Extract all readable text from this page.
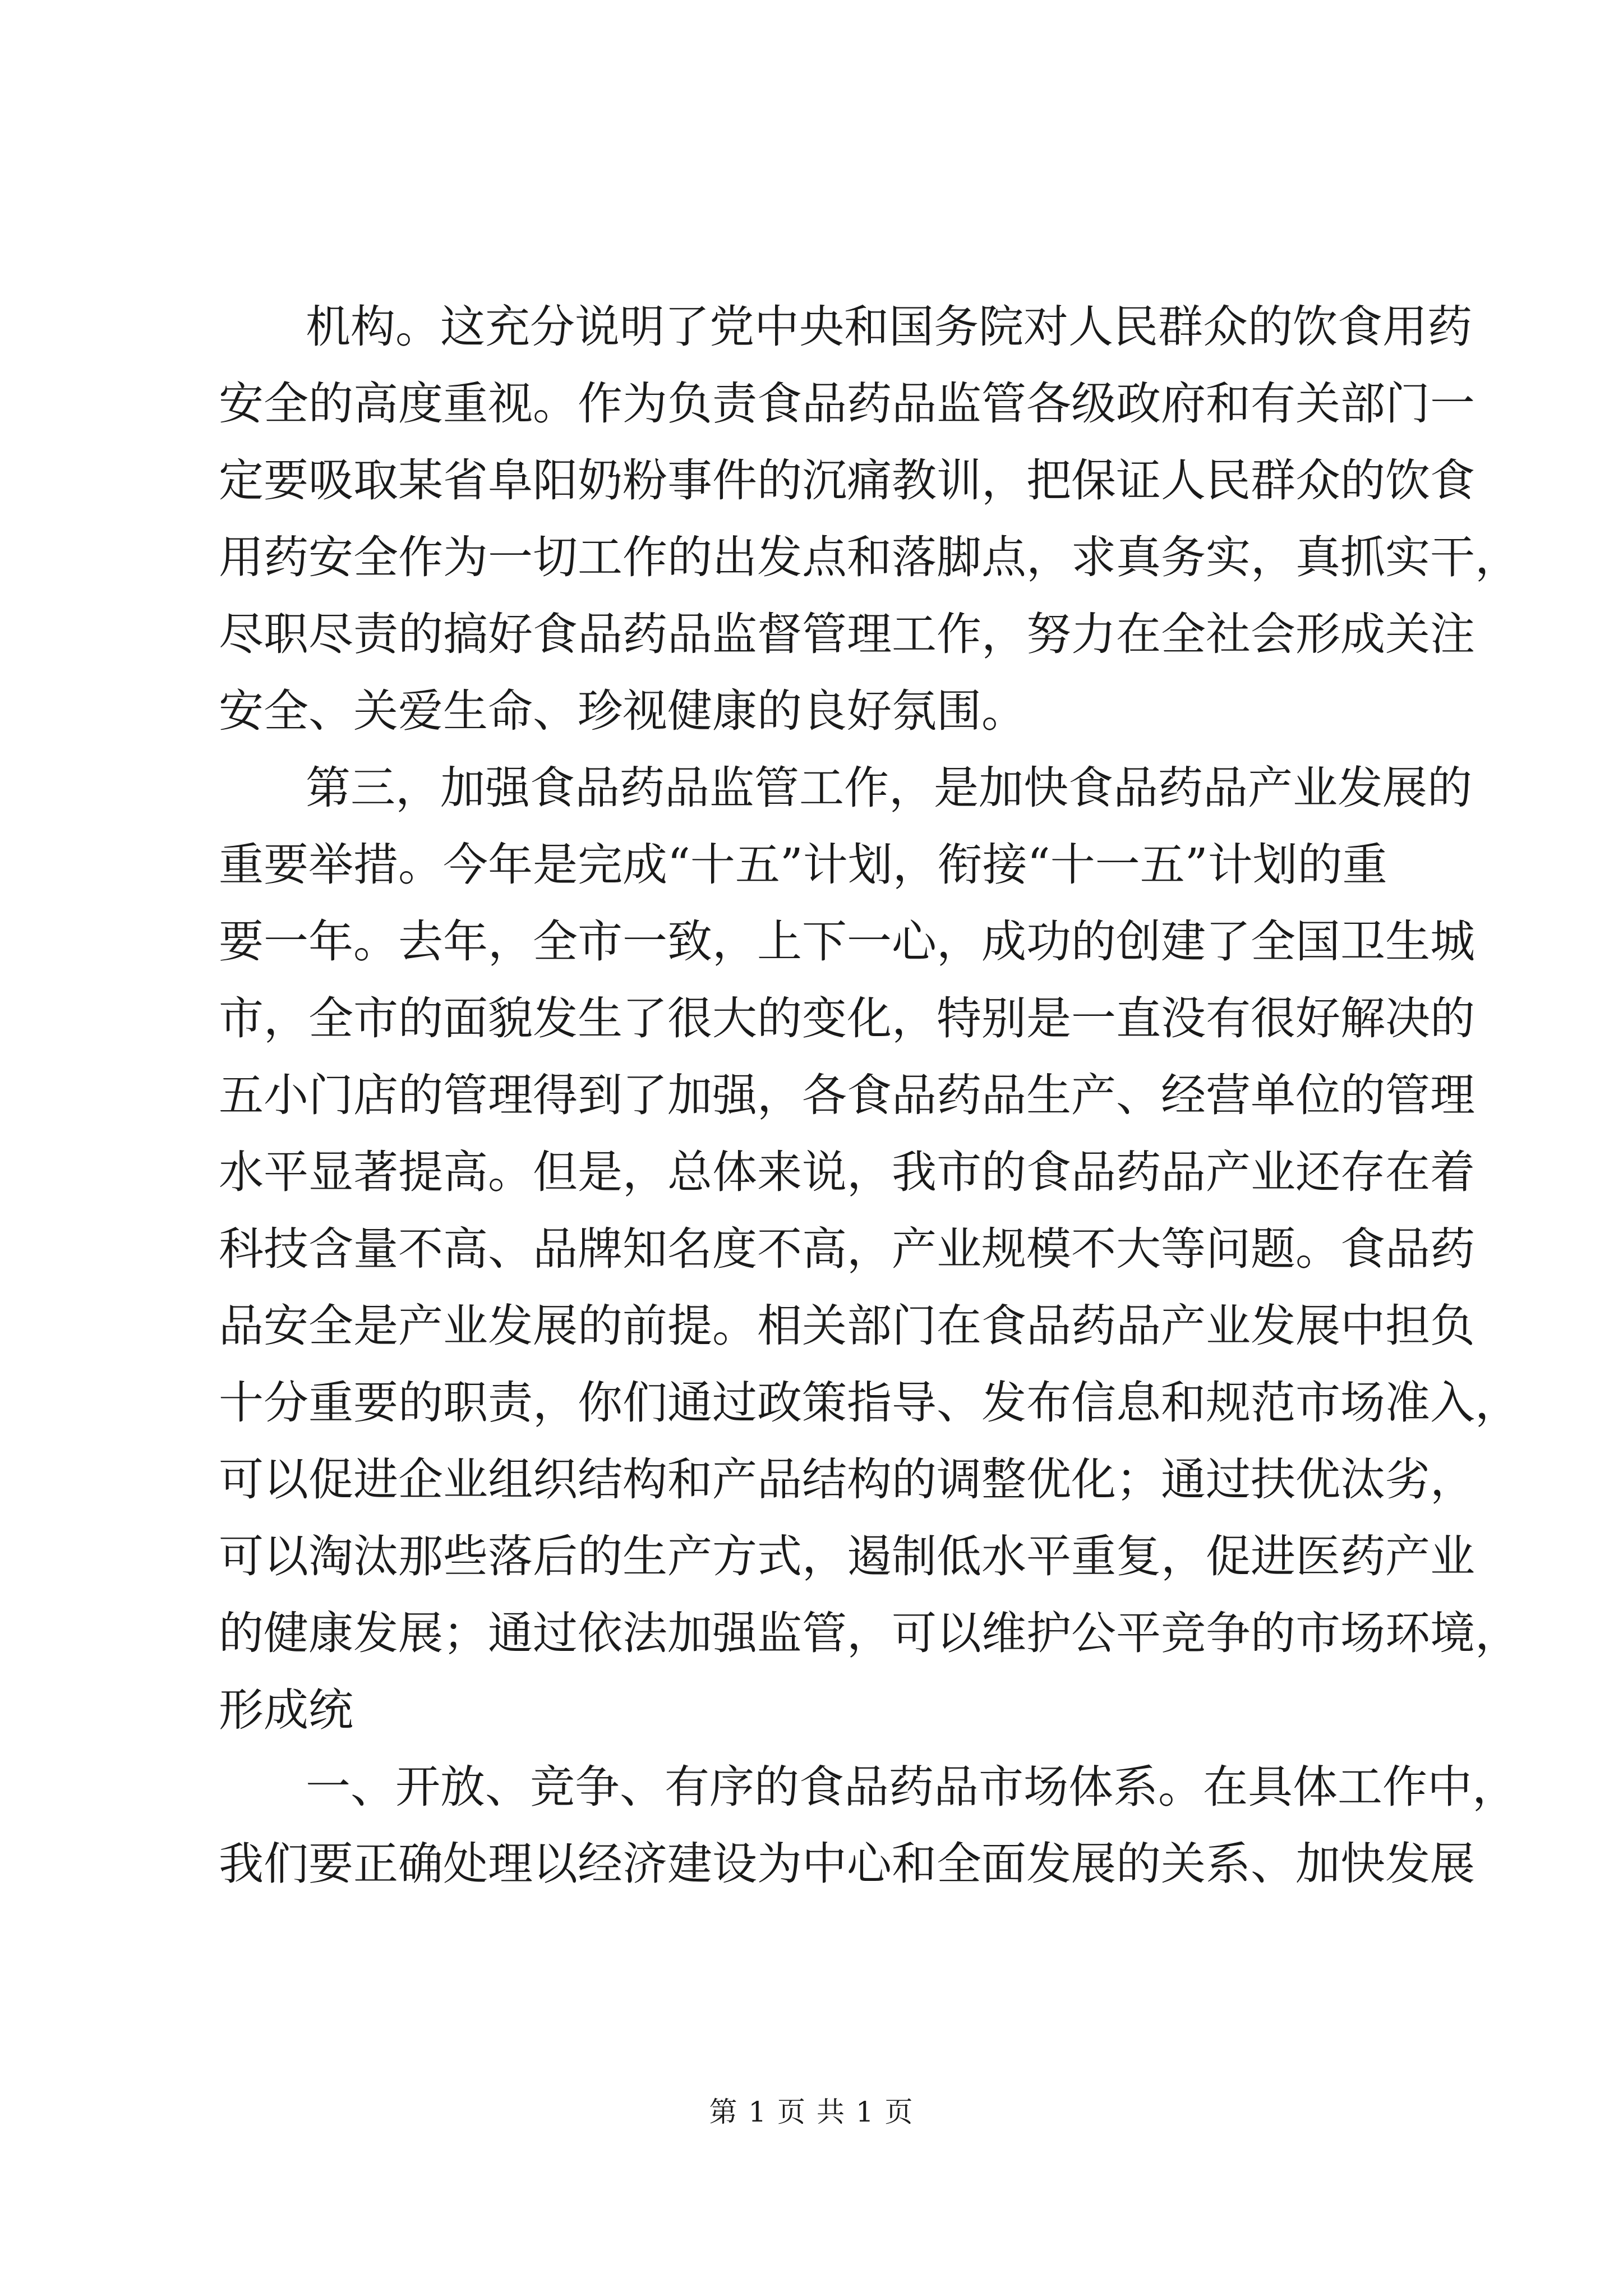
机构。这充分说明了党中央和国务院对人民群众的饮食用药
安全的高度重视。作为负责食品药品监管各级政府和有关部门一
定要吸取某省阜阳奶粉事件的沉痛教训，把保证人民群众的饮食
用药安全作为一切工作的出发点和落脚点，求真务实，真抓实干，
尽职尽责的搞好食品药品监督管理工作，努力在全社会形成关注
安全、关爱生命、珍视健康的良好氛围。
第三，加强食品药品监管工作，是加快食品药品产业发展的
重要举措。今年是完成“十五”计划，衔接“十一五”计划的重
要一年。去年，全市一致，上下一心，成功的创建了全国卫生城
市，全市的面貌发生了很大的变化，特别是一直没有很好解决的
五小门店的管理得到了加强，各食品药品生产、经营单位的管理
水平显著提高。但是，总体来说，我市的食品药品产业还存在着
科技含量不高、品牌知名度不高，产业规模不大等问题。食品药
品安全是产业发展的前提。相关部门在食品药品产业发展中担负
十分重要的职责，你们通过政策指导、发布信息和规范市场准入，
可以促进企业组织结构和产品结构的调整优化；通过扶优汰劣，
可以淘汰那些落后的生产方式，遏制低水平重复，促进医药产业
的健康发展；通过依法加强监管，可以维护公平竞争的市场环境，
形成统
一、开放、竞争、有序的食品药品市场体系。在具体工作中，
我们要正确处理以经济建设为中心和全面发展的关系、加快发展
第 1 页 共 1 页
